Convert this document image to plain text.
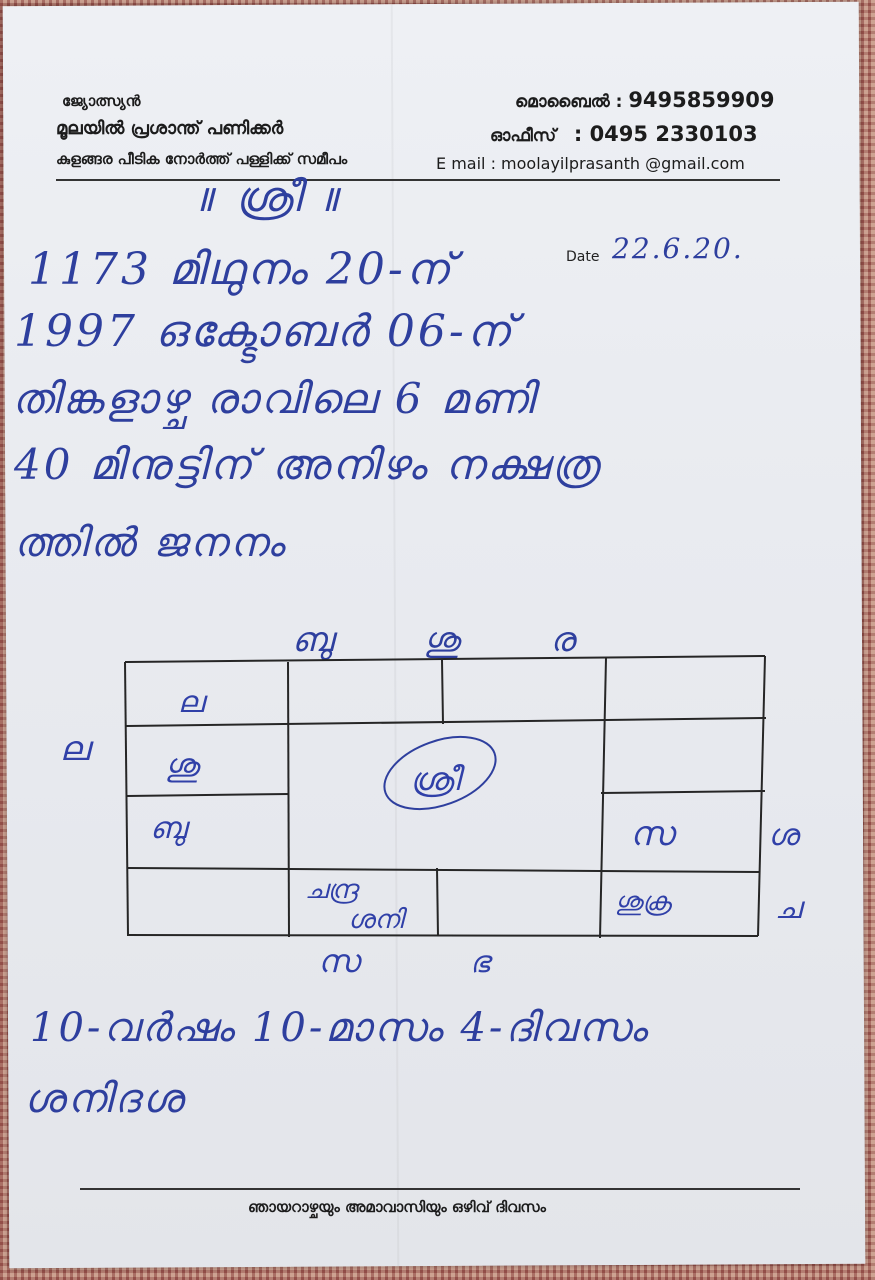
ജ്യോത്സ്യൻ
മൂലയിൽ പ്രശാന്ത് പണിക്കർ
കുളങ്ങര പീടിക നോർത്ത് പള്ളിക്ക് സമീപം
മൊബൈൽ : 9495859909
ഓഫീസ് : 0495 2330103
E mail : moolayilprasanth @gmail.com
Date 22.6.20.
॥ ശ്രീ ॥
1173 മിഥുനം 20-ന്
1997 ഒക്ടോബർ 06-ന്
തിങ്കളാഴ്ച രാവിലെ 6 മണി
40 മിനുട്ടിന് അനിഴം നക്ഷത്ര
ത്തിൽ ജനനം
ബു ശു ര
ല
ശു
ബു
ശ്രീ
സ
ചന്ദ്ര
ശനി
ശുക്ര
ല
ശ
ച
സ	ഭ
10-വർഷം 10-മാസം 4-ദിവസം
ശനിദശ
ഞായറാഴ്ചയും അമാവാസിയും ഒഴിവ് ദിവസം
